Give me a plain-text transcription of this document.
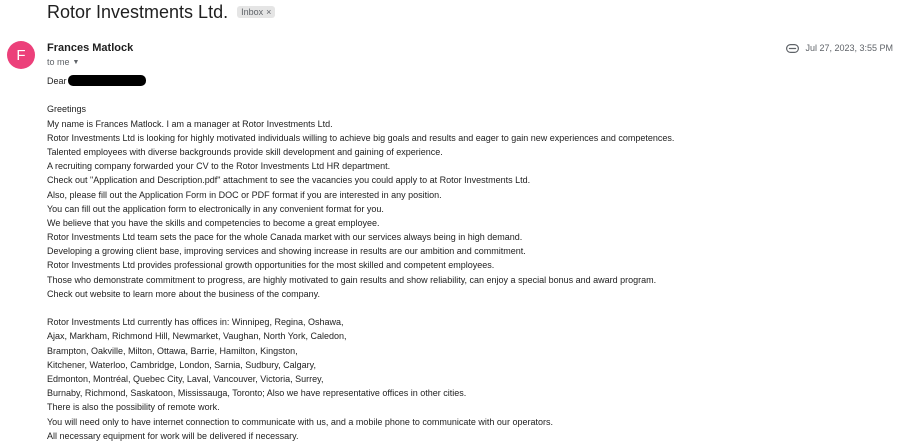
Rotor Investments Ltd. Inbox ×
F Frances Matlock
to me ▼
Jul 27, 2023, 3:55 PM

Dear

Greetings

My name is Frances Matlock. I am a manager at Rotor Investments Ltd.

Rotor Investments Ltd is looking for highly motivated individuals willing to achieve big goals and results and eager to gain new experiences and competences.

Talented employees with diverse backgrounds provide skill development and gaining of experience.

A recruiting company forwarded your CV to the Rotor Investments Ltd HR department.

Check out "Application and Description.pdf" attachment to see the vacancies you could apply to at Rotor Investments Ltd.

Also, please fill out the Application Form in DOC or PDF format if you are interested in any position.

You can fill out the application form to electronically in any convenient format for you.

We believe that you have the skills and competencies to become a great employee.

Rotor Investments Ltd team sets the pace for the whole Canada market with our services always being in high demand.

Developing a growing client base, improving services and showing increase in results are our ambition and commitment.

Rotor Investments Ltd provides professional growth opportunities for the most skilled and competent employees.

Those who demonstrate commitment to progress, are highly motivated to gain results and show reliability, can enjoy a special bonus and award program.

Check out website to learn more about the business of the company.

Rotor Investments Ltd currently has offices in: Winnipeg, Regina, Oshawa,

Ajax, Markham, Richmond Hill, Newmarket, Vaughan, North York, Caledon,

Brampton, Oakville, Milton, Ottawa, Barrie, Hamilton, Kingston,

Kitchener, Waterloo, Cambridge, London, Sarnia, Sudbury, Calgary,

Edmonton, Montréal, Quebec City, Laval, Vancouver, Victoria, Surrey,

Burnaby, Richmond, Saskatoon, Mississauga, Toronto; Also we have representative offices in other cities.

There is also the possibility of remote work.

You will need only to have internet connection to communicate with us, and a mobile phone to communicate with our operators.

All necessary equipment for work will be delivered if necessary.
